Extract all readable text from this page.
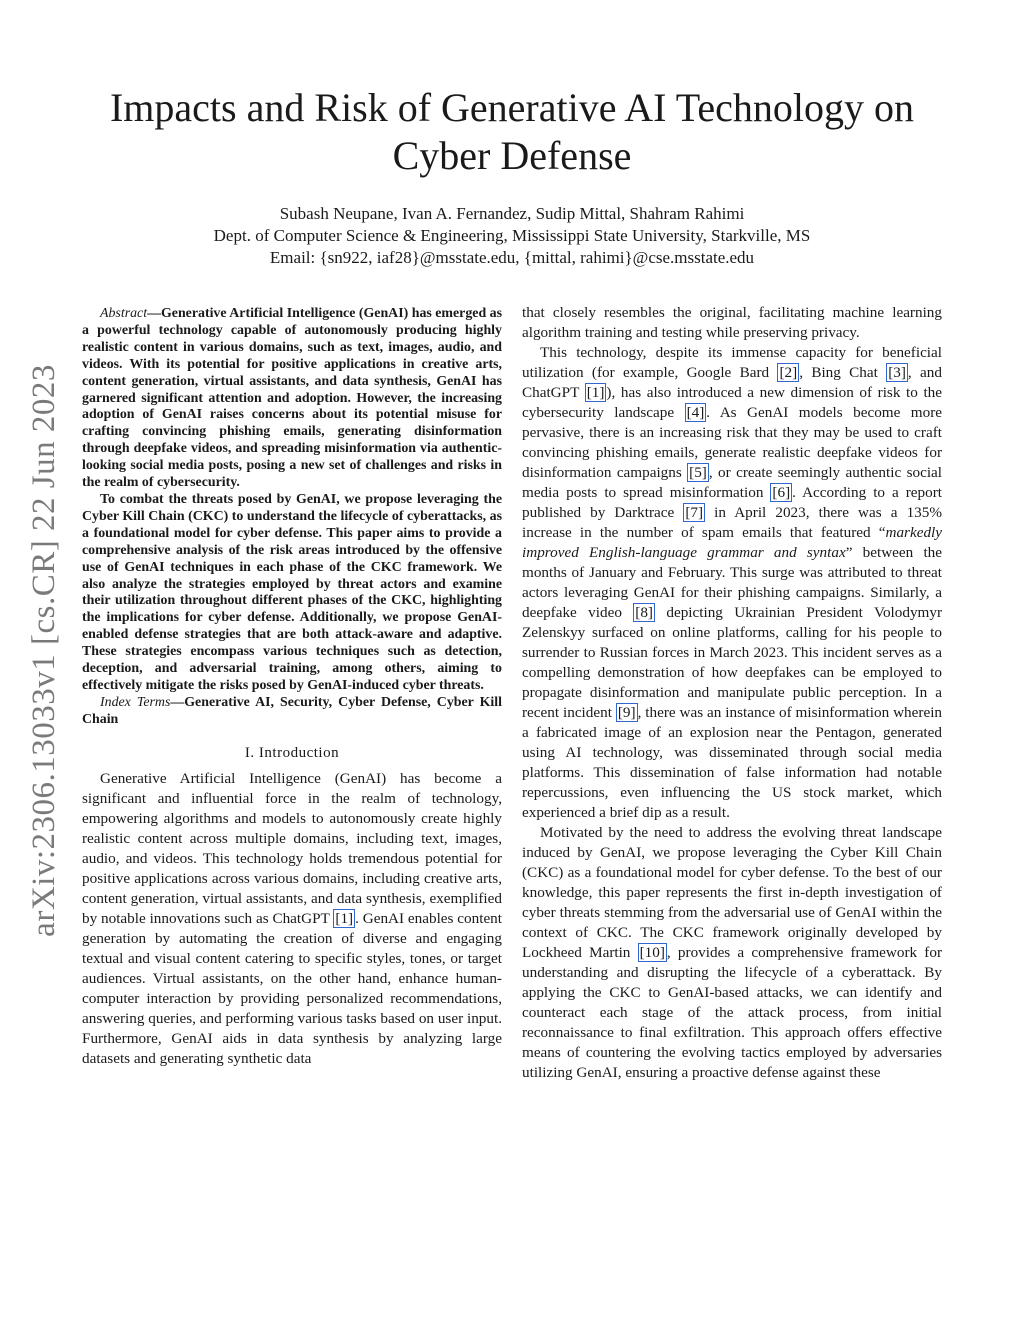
arXiv:2306.13033v1 [cs.CR] 22 Jun 2023
Impacts and Risk of Generative AI Technology on Cyber Defense
Subash Neupane, Ivan A. Fernandez, Sudip Mittal, Shahram Rahimi
Dept. of Computer Science & Engineering, Mississippi State University, Starkville, MS
Email: {sn922, iaf28}@msstate.edu, {mittal, rahimi}@cse.msstate.edu

Abstract—Generative Artificial Intelligence (GenAI) has emerged as a powerful technology capable of autonomously producing highly realistic content in various domains, such as text, images, audio, and videos. With its potential for positive applications in creative arts, content generation, virtual assistants, and data synthesis, GenAI has garnered significant attention and adoption. However, the increasing adoption of GenAI raises concerns about its potential misuse for crafting convincing phishing emails, generating disinformation through deepfake videos, and spreading misinformation via authentic-looking social media posts, posing a new set of challenges and risks in the realm of cybersecurity.

To combat the threats posed by GenAI, we propose leveraging the Cyber Kill Chain (CKC) to understand the lifecycle of cyberattacks, as a foundational model for cyber defense. This paper aims to provide a comprehensive analysis of the risk areas introduced by the offensive use of GenAI techniques in each phase of the CKC framework. We also analyze the strategies employed by threat actors and examine their utilization throughout different phases of the CKC, highlighting the implications for cyber defense. Additionally, we propose GenAI-enabled defense strategies that are both attack-aware and adaptive. These strategies encompass various techniques such as detection, deception, and adversarial training, among others, aiming to effectively mitigate the risks posed by GenAI-induced cyber threats.

Index Terms—Generative AI, Security, Cyber Defense, Cyber Kill Chain

I. Introduction

Generative Artificial Intelligence (GenAI) has become a significant and influential force in the realm of technology, empowering algorithms and models to autonomously create highly realistic content across multiple domains, including text, images, audio, and videos. This technology holds tremendous potential for positive applications across various domains, including creative arts, content generation, virtual assistants, and data synthesis, exemplified by notable innovations such as ChatGPT [1] . GenAI enables content generation by automating the creation of diverse and engaging textual and visual content catering to specific styles, tones, or target audiences. Virtual assistants, on the other hand, enhance human-computer interaction by providing personalized recommendations, answering queries, and performing various tasks based on user input. Furthermore, GenAI aids in data synthesis by analyzing large datasets and generating synthetic data

that closely resembles the original, facilitating machine learning algorithm training and testing while preserving privacy.

This technology, despite its immense capacity for beneficial utilization (for example, Google Bard [2] , Bing Chat [3] , and ChatGPT [1] ), has also introduced a new dimension of risk to the cybersecurity landscape [4] . As GenAI models become more pervasive, there is an increasing risk that they may be used to craft convincing phishing emails, generate realistic deepfake videos for disinformation campaigns [5] , or create seemingly authentic social media posts to spread misinformation [6] . According to a report published by Darktrace [7] in April 2023, there was a 135% increase in the number of spam emails that featured “markedly improved English-language grammar and syntax” between the months of January and February. This surge was attributed to threat actors leveraging GenAI for their phishing campaigns. Similarly, a deepfake video [8] depicting Ukrainian President Volodymyr Zelenskyy surfaced on online platforms, calling for his people to surrender to Russian forces in March 2023. This incident serves as a compelling demonstration of how deepfakes can be employed to propagate disinformation and manipulate public perception. In a recent incident [9] , there was an instance of misinformation wherein a fabricated image of an explosion near the Pentagon, generated using AI technology, was disseminated through social media platforms. This dissemination of false information had notable repercussions, even influencing the US stock market, which experienced a brief dip as a result.

Motivated by the need to address the evolving threat landscape induced by GenAI, we propose leveraging the Cyber Kill Chain (CKC) as a foundational model for cyber defense. To the best of our knowledge, this paper represents the first in-depth investigation of cyber threats stemming from the adversarial use of GenAI within the context of CKC. The CKC framework originally developed by Lockheed Martin [10] , provides a comprehensive framework for understanding and disrupting the lifecycle of a cyberattack. By applying the CKC to GenAI-based attacks, we can identify and counteract each stage of the attack process, from initial reconnaissance to final exfiltration. This approach offers effective means of countering the evolving tactics employed by adversaries utilizing GenAI, ensuring a proactive defense against these
